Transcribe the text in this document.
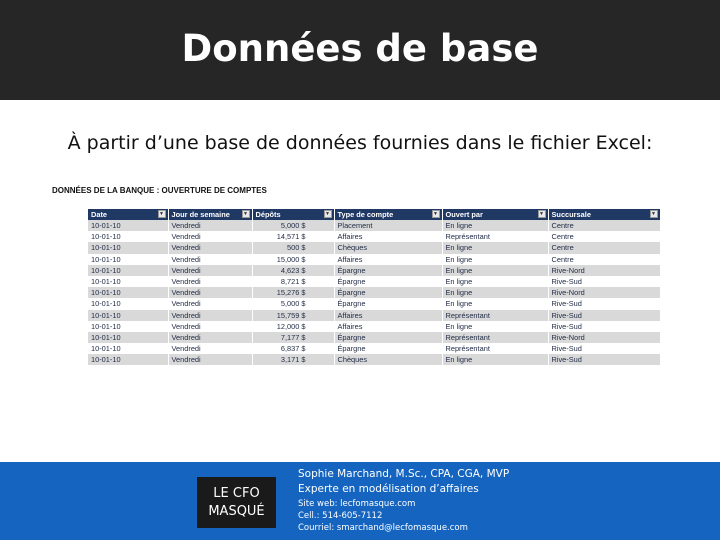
Données de base
À partir d’une base de données fournies dans le fichier Excel:
DONNÉES DE LA BANQUE : OUVERTURE DE COMPTES
Date ▼	Jour de semaine ▼	Dépôts ▼	Type de compte ▼	Ouvert par ▼	Succursale ▼

10-01-10	Vendredi	5,000 $	Placement	En ligne	Centre
10-01-10	Vendredi	14,571 $	Affaires	Représentant	Centre
10-01-10	Vendredi	500 $	Chèques	En ligne	Centre
10-01-10	Vendredi	15,000 $	Affaires	En ligne	Centre
10-01-10	Vendredi	4,623 $	Épargne	En ligne	Rive-Nord
10-01-10	Vendredi	8,721 $	Épargne	En ligne	Rive-Sud
10-01-10	Vendredi	15,276 $	Épargne	En ligne	Rive-Nord
10-01-10	Vendredi	5,000 $	Épargne	En ligne	Rive-Sud
10-01-10	Vendredi	15,759 $	Affaires	Représentant	Rive-Sud
10-01-10	Vendredi	12,000 $	Affaires	En ligne	Rive-Sud
10-01-10	Vendredi	7,177 $	Épargne	Représentant	Rive-Nord
10-01-10	Vendredi	6,837 $	Épargne	Représentant	Rive-Sud
10-01-10	Vendredi	3,171 $	Chèques	En ligne	Rive-Sud
LE CFO
MASQUÉ
Sophie Marchand, M.Sc., CPA, CGA, MVP
Experte en modélisation d’affaires
Site web: lecfomasque.com
Cell.: 514-605-7112
Courriel: smarchand@lecfomasque.com
